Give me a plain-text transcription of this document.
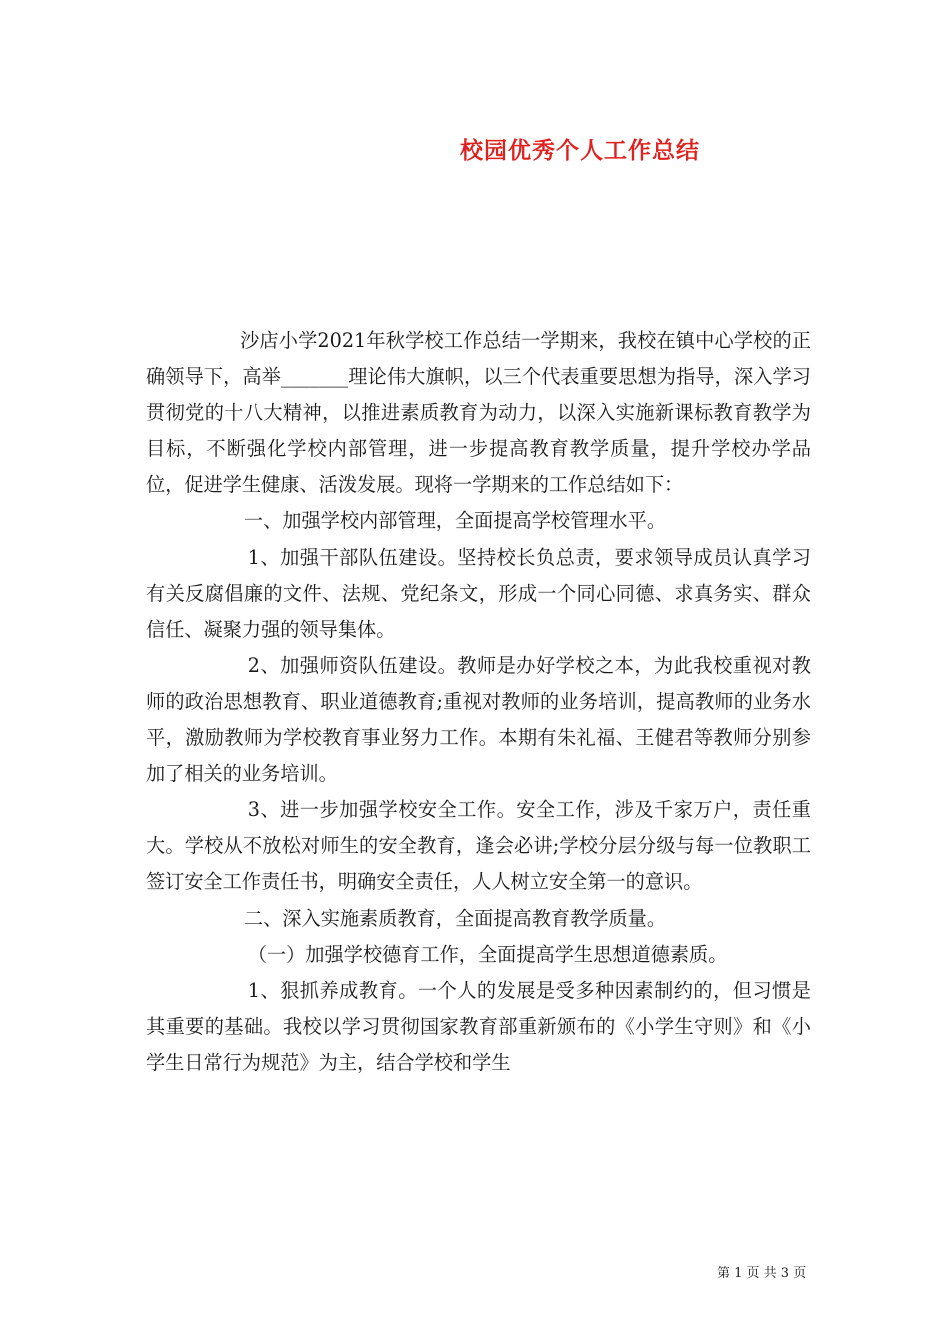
校园优秀个人工作总结

沙店小学2021年秋学校工作总结一学期来，我校在镇中心学校的正确领导下，高举_______理论伟大旗帜，以三个代表重要思想为指导，深入学习贯彻党的十八大精神，以推进素质教育为动力，以深入实施新课标教育教学为目标，不断强化学校内部管理，进一步提高教育教学质量，提升学校办学品位，促进学生健康、活泼发展。现将一学期来的工作总结如下：

一、加强学校内部管理，全面提高学校管理水平。

1、加强干部队伍建设。坚持校长负总责，要求领导成员认真学习有关反腐倡廉的文件、法规、党纪条文，形成一个同心同德、求真务实、群众信任、凝聚力强的领导集体。

2、加强师资队伍建设。教师是办好学校之本，为此我校重视对教师的政治思想教育、职业道德教育;重视对教师的业务培训，提高教师的业务水平，激励教师为学校教育事业努力工作。本期有朱礼福、王健君等教师分别参加了相关的业务培训。

3、进一步加强学校安全工作。安全工作，涉及千家万户，责任重大。学校从不放松对师生的安全教育，逢会必讲;学校分层分级与每一位教职工签订安全工作责任书，明确安全责任，人人树立安全第一的意识。

二、深入实施素质教育，全面提高教育教学质量。

（一）加强学校德育工作，全面提高学生思想道德素质。

1、狠抓养成教育。一个人的发展是受多种因素制约的，但习惯是其重要的基础。我校以学习贯彻国家教育部重新颁布的《小学生守则》和《小学生日常行为规范》为主，结合学校和学生

第 1 页 共 3 页
